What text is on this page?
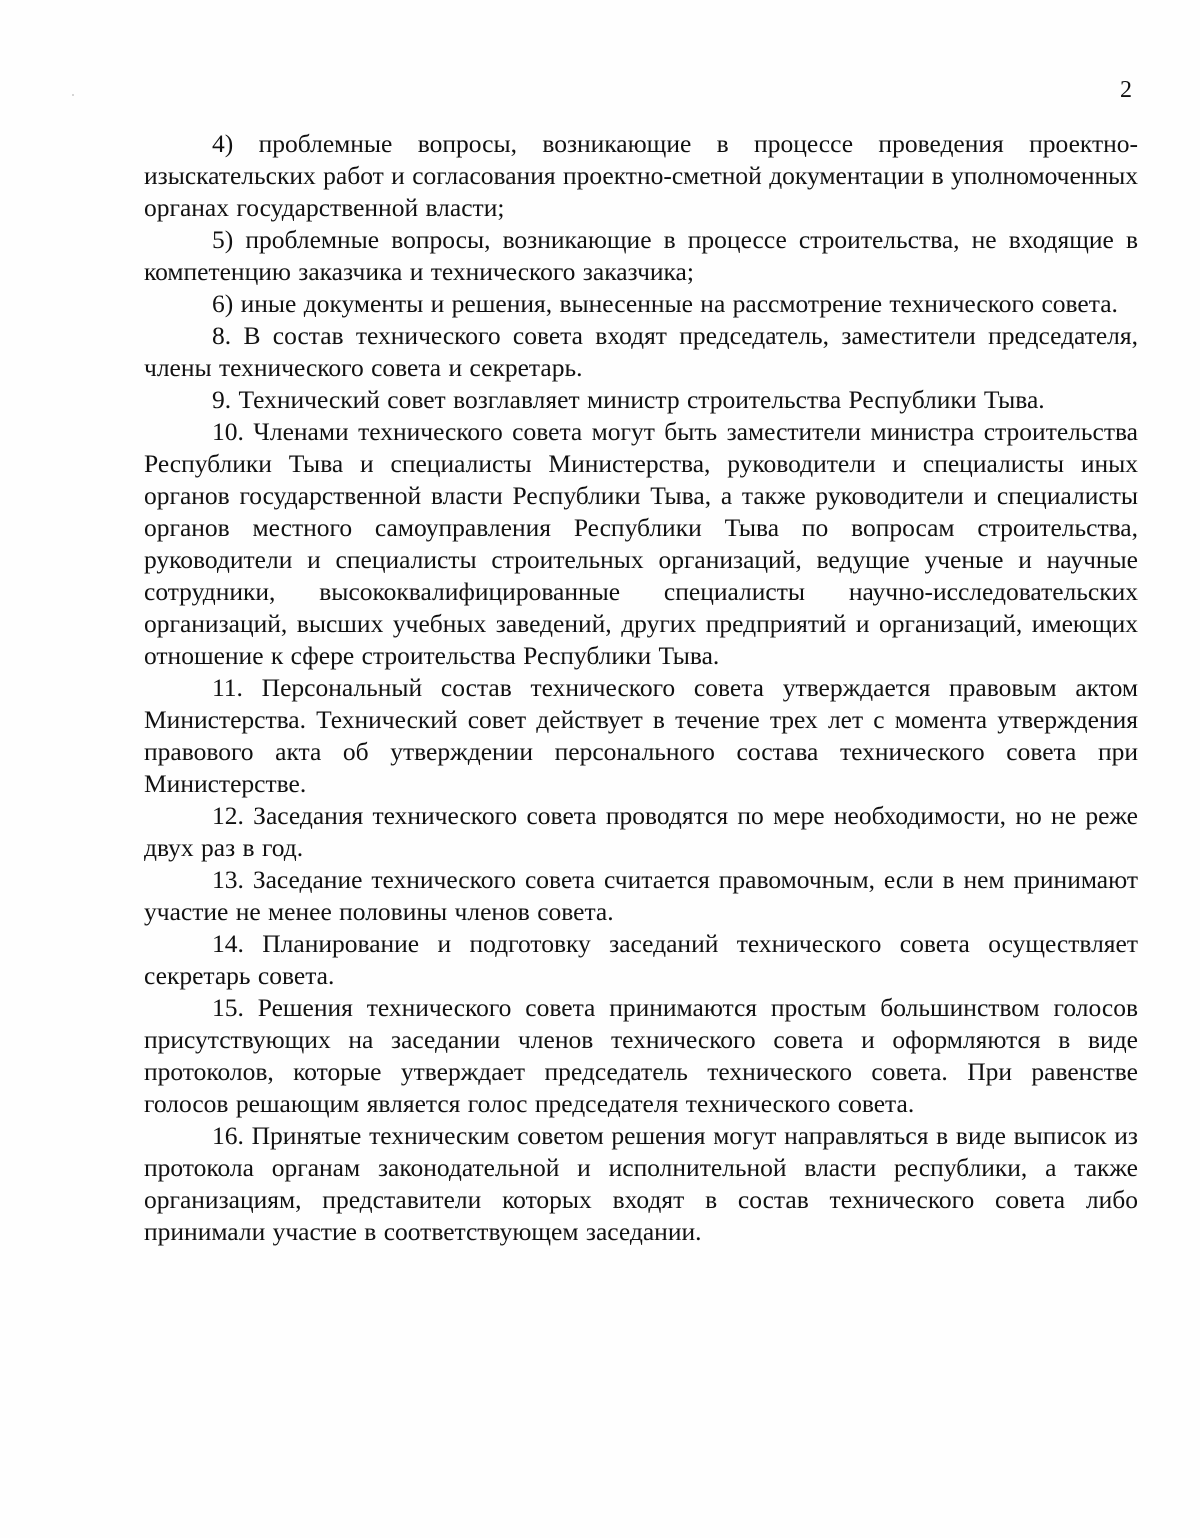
2

4) проблемные вопросы, возникающие в процессе проведения проектно-изыскательских работ и согласования проектно-сметной документации в уполномоченных органах государственной власти;

5) проблемные вопросы, возникающие в процессе строительства, не входящие в компетенцию заказчика и технического заказчика;

6) иные документы и решения, вынесенные на рассмотрение технического совета.

8. В состав технического совета входят председатель, заместители председателя, члены технического совета и секретарь.

9. Технический совет возглавляет министр строительства Республики Тыва.

10. Членами технического совета могут быть заместители министра строительства Республики Тыва и специалисты Министерства, руководители и специалисты иных органов государственной власти Республики Тыва, а также руководители и специалисты органов местного самоуправления Республики Тыва по вопросам строительства, руководители и специалисты строительных организаций, ведущие ученые и научные сотрудники, высококвалифицированные специалисты научно-исследовательских организаций, высших учебных заведений, других предприятий и организаций, имеющих отношение к сфере строительства Республики Тыва.

11. Персональный состав технического совета утверждается правовым актом Министерства. Технический совет действует в течение трех лет с момента утверждения правового акта об утверждении персонального состава технического совета при Министерстве.

12. Заседания технического совета проводятся по мере необходимости, но не реже двух раз в год.

13. Заседание технического совета считается правомочным, если в нем принимают участие не менее половины членов совета.

14. Планирование и подготовку заседаний технического совета осуществляет секретарь совета.

15. Решения технического совета принимаются простым большинством голосов присутствующих на заседании членов технического совета и оформляются в виде протоколов, которые утверждает председатель технического совета. При равенстве голосов решающим является голос председателя технического совета.

16. Принятые техническим советом решения могут направляться в виде выписок из протокола органам законодательной и исполнительной власти республики, а также организациям, представители которых входят в состав технического совета либо принимали участие в соответствующем заседании.
